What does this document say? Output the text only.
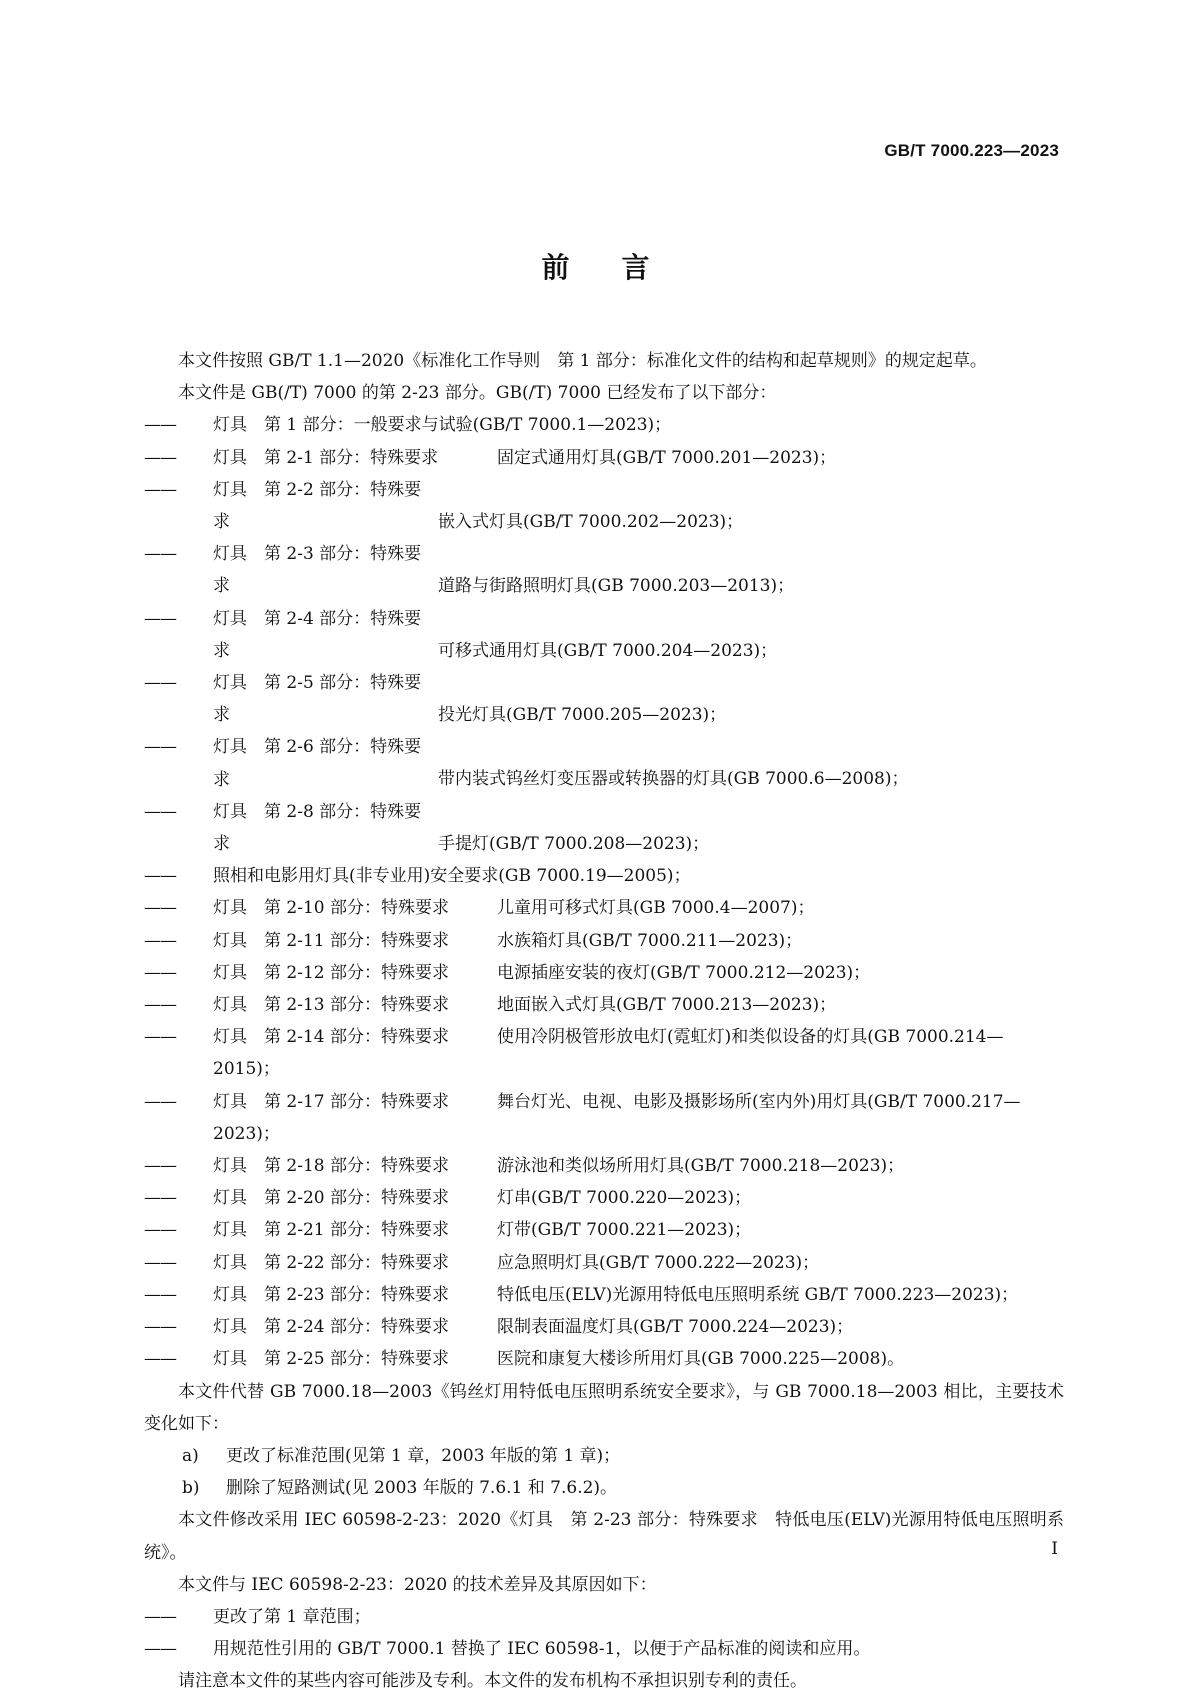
GB/T 7000.223—2023
前言

本文件按照 GB/T 1.1—2020《标准化工作导则　第 1 部分：标准化文件的结构和起草规则》的规定起草。

本文件是 GB(/T) 7000 的第 2-23 部分。GB(/T) 7000 已经发布了以下部分：

——	灯具　第 1 部分：一般要求与试验(GB/T 7000.1—2023)；
——	灯具　第 2-1 部分：特殊要求	固定式通用灯具(GB/T 7000.201—2023)；
——	灯具　第 2-2 部分：特殊要求	嵌入式灯具(GB/T 7000.202—2023)；
——	灯具　第 2-3 部分：特殊要求	道路与街路照明灯具(GB 7000.203—2013)；
——	灯具　第 2-4 部分：特殊要求	可移式通用灯具(GB/T 7000.204—2023)；
——	灯具　第 2-5 部分：特殊要求	投光灯具(GB/T 7000.205—2023)；
——	灯具　第 2-6 部分：特殊要求	带内装式钨丝灯变压器或转换器的灯具(GB 7000.6—2008)；
——	灯具　第 2-8 部分：特殊要求	手提灯(GB/T 7000.208—2023)；
——	照相和电影用灯具(非专业用)安全要求(GB 7000.19—2005)；
——	灯具　第 2-10 部分：特殊要求	儿童用可移式灯具(GB 7000.4—2007)；
——	灯具　第 2-11 部分：特殊要求	水族箱灯具(GB/T 7000.211—2023)；
——	灯具　第 2-12 部分：特殊要求	电源插座安装的夜灯(GB/T 7000.212—2023)；
——	灯具　第 2-13 部分：特殊要求	地面嵌入式灯具(GB/T 7000.213—2023)；
——	灯具　第 2-14 部分：特殊要求	使用冷阴极管形放电灯(霓虹灯)和类似设备的灯具(GB 7000.214—2015)；
——	灯具　第 2-17 部分：特殊要求	舞台灯光、电视、电影及摄影场所(室内外)用灯具(GB/T 7000.217—2023)；
——	灯具　第 2-18 部分：特殊要求	游泳池和类似场所用灯具(GB/T 7000.218—2023)；
——	灯具　第 2-20 部分：特殊要求	灯串(GB/T 7000.220—2023)；
——	灯具　第 2-21 部分：特殊要求	灯带(GB/T 7000.221—2023)；
——	灯具　第 2-22 部分：特殊要求	应急照明灯具(GB/T 7000.222—2023)；
——	灯具　第 2-23 部分：特殊要求	特低电压(ELV)光源用特低电压照明系统 GB/T 7000.223—2023)；
——	灯具　第 2-24 部分：特殊要求	限制表面温度灯具(GB/T 7000.224—2023)；
——	灯具　第 2-25 部分：特殊要求	医院和康复大楼诊所用灯具(GB 7000.225—2008)。

本文件代替 GB 7000.18—2003《钨丝灯用特低电压照明系统安全要求》，与 GB 7000.18—2003 相比，主要技术变化如下：

a)	更改了标准范围(见第 1 章，2003 年版的第 1 章)；
b)	删除了短路测试(见 2003 年版的 7.6.1 和 7.6.2)。

本文件修改采用 IEC 60598-2-23：2020《灯具　第 2-23 部分：特殊要求　特低电压(ELV)光源用特低电压照明系统》。

本文件与 IEC 60598-2-23：2020 的技术差异及其原因如下：

——	更改了第 1 章范围；
——	用规范性引用的 GB/T 7000.1 替换了 IEC 60598-1，以便于产品标准的阅读和应用。

请注意本文件的某些内容可能涉及专利。本文件的发布机构不承担识别专利的责任。

Ⅰ
